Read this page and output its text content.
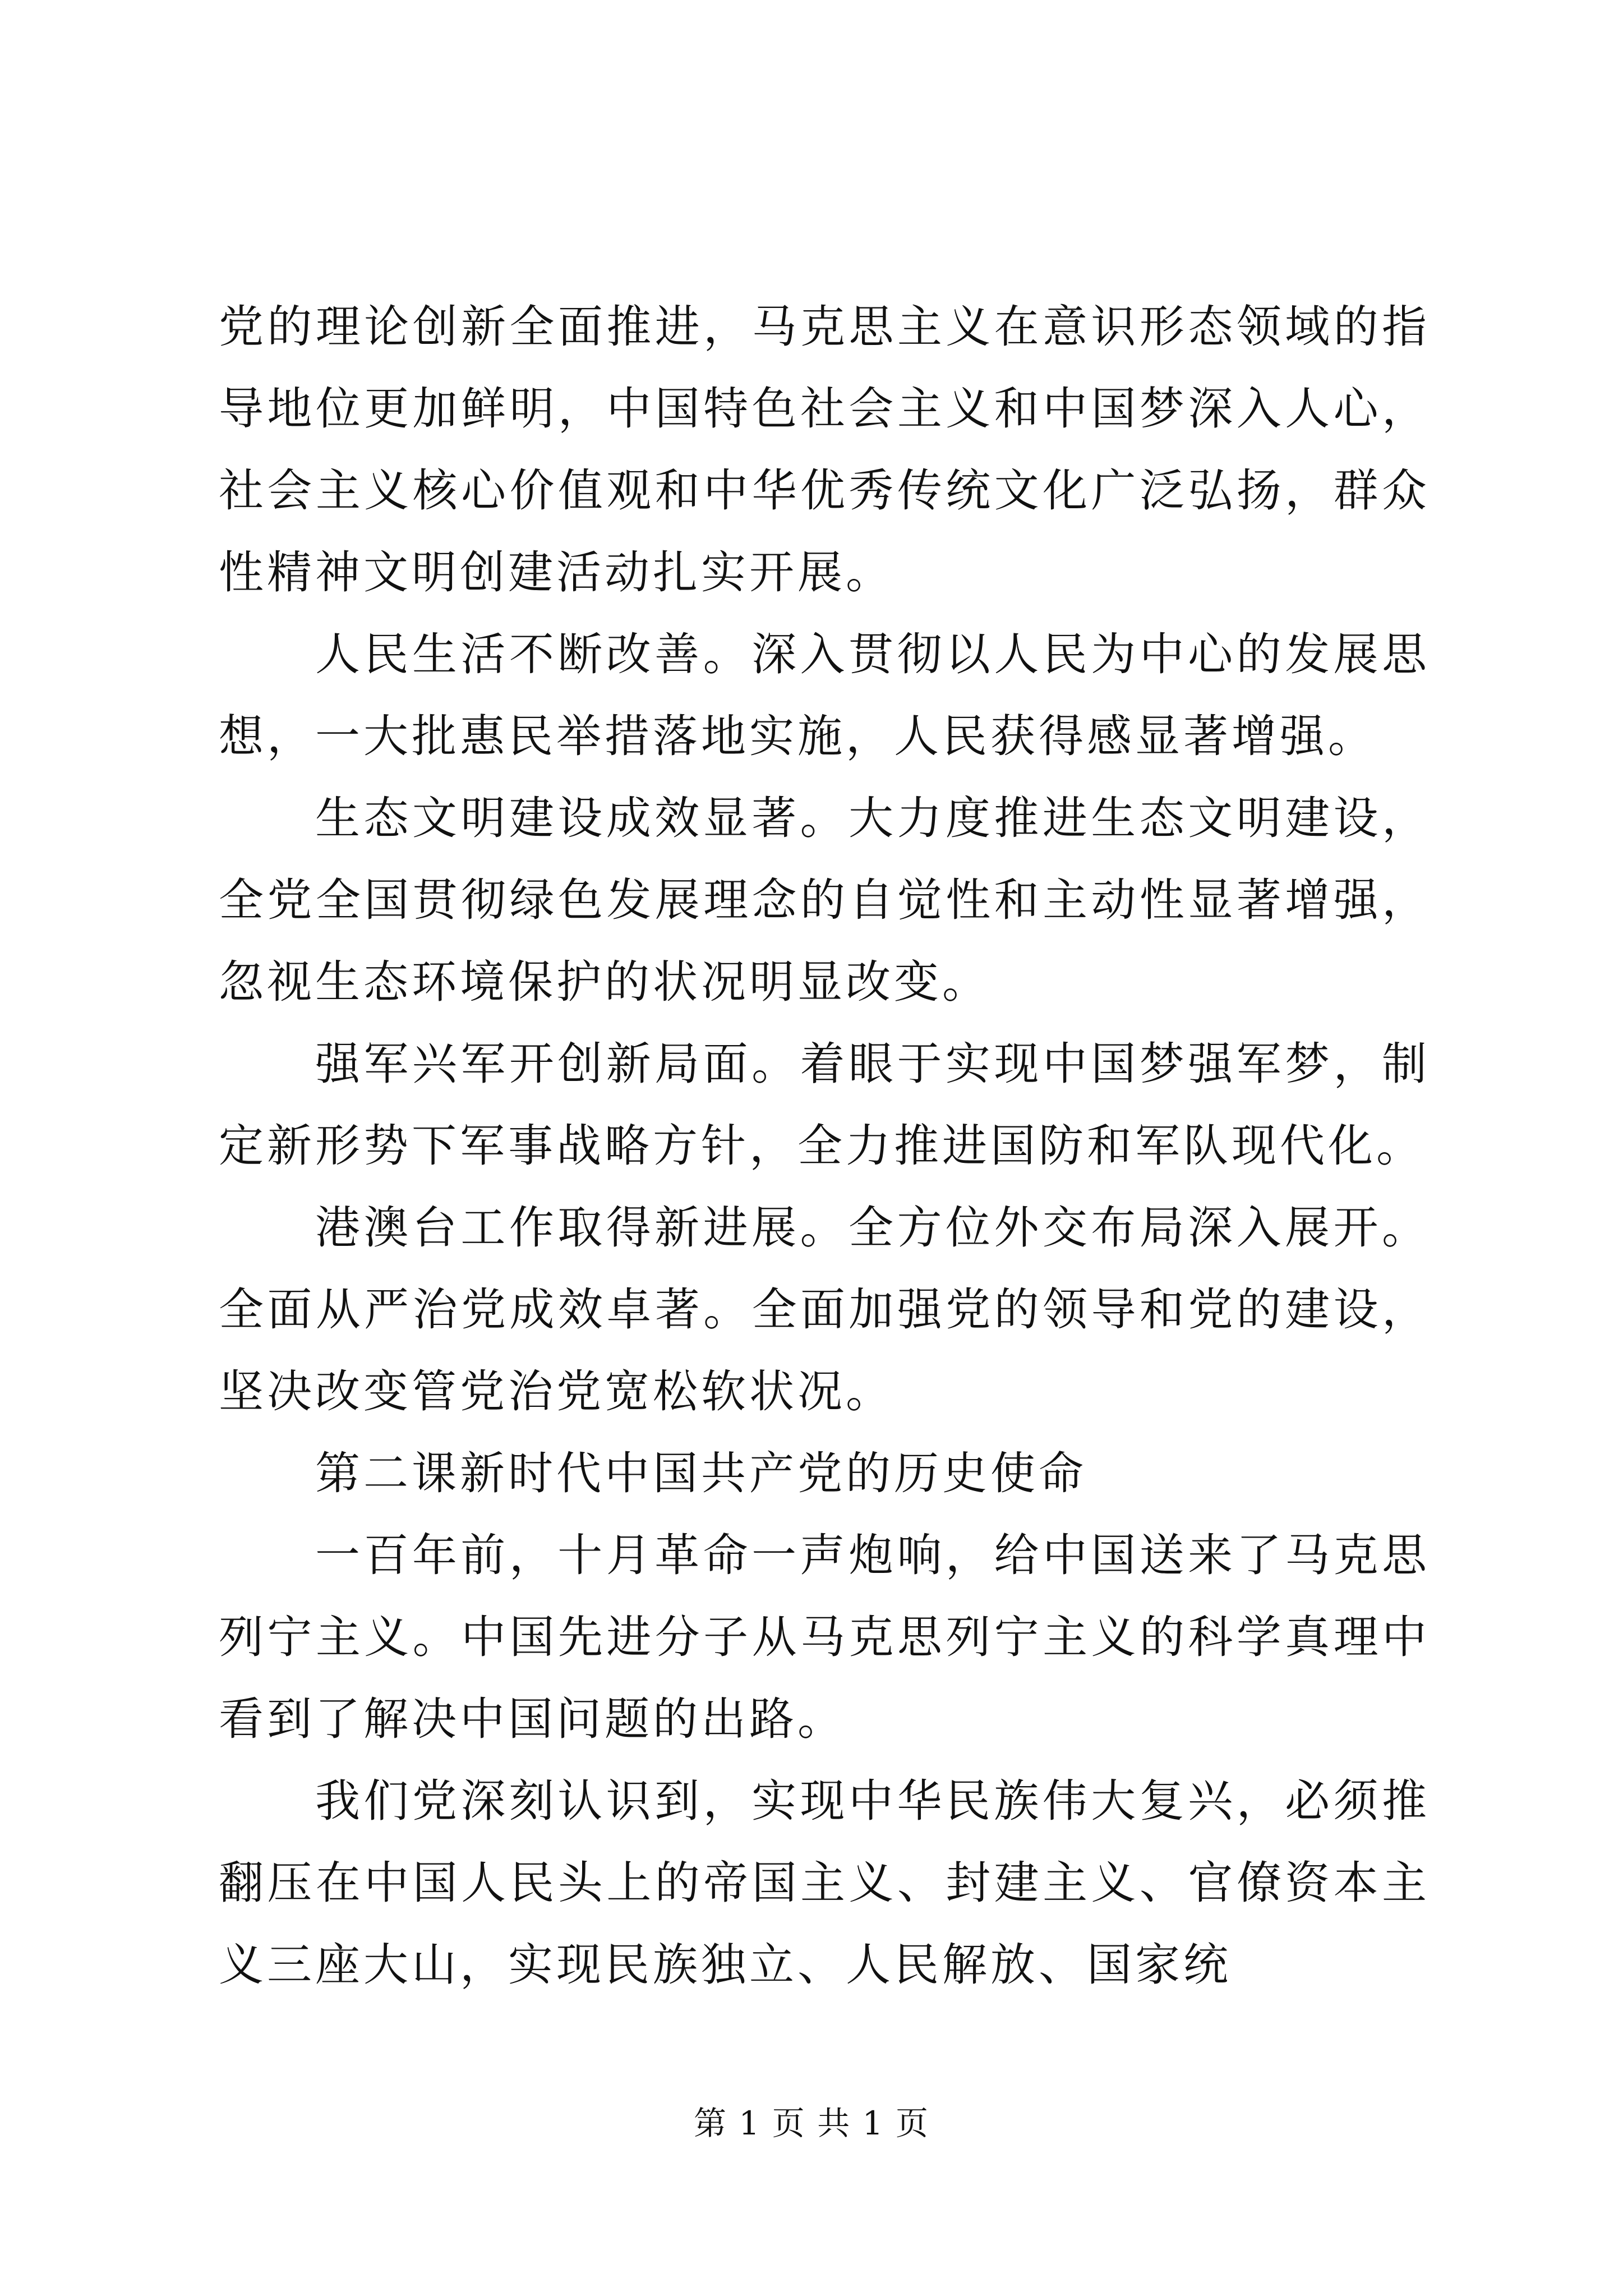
党的理论创新全面推进，马克思主义在意识形态领域的指导地位更加鲜明，中国特色社会主义和中国梦深入人心，社会主义核心价值观和中华优秀传统文化广泛弘扬，群众性精神文明创建活动扎实开展。

人民生活不断改善。深入贯彻以人民为中心的发展思想，一大批惠民举措落地实施，人民获得感显著增强。

生态文明建设成效显著。大力度推进生态文明建设，全党全国贯彻绿色发展理念的自觉性和主动性显著增强，忽视生态环境保护的状况明显改变。

强军兴军开创新局面。着眼于实现中国梦强军梦，制定新形势下军事战略方针，全力推进国防和军队现代化。

港澳台工作取得新进展。全方位外交布局深入展开。全面从严治党成效卓著。全面加强党的领导和党的建设，坚决改变管党治党宽松软状况。

第二课新时代中国共产党的历史使命

一百年前，十月革命一声炮响，给中国送来了马克思列宁主义。中国先进分子从马克思列宁主义的科学真理中看到了解决中国问题的出路。

我们党深刻认识到，实现中华民族伟大复兴，必须推翻压在中国人民头上的帝国主义、封建主义、官僚资本主义三座大山，实现民族独立、人民解放、国家统

第 1 页 共 1 页
